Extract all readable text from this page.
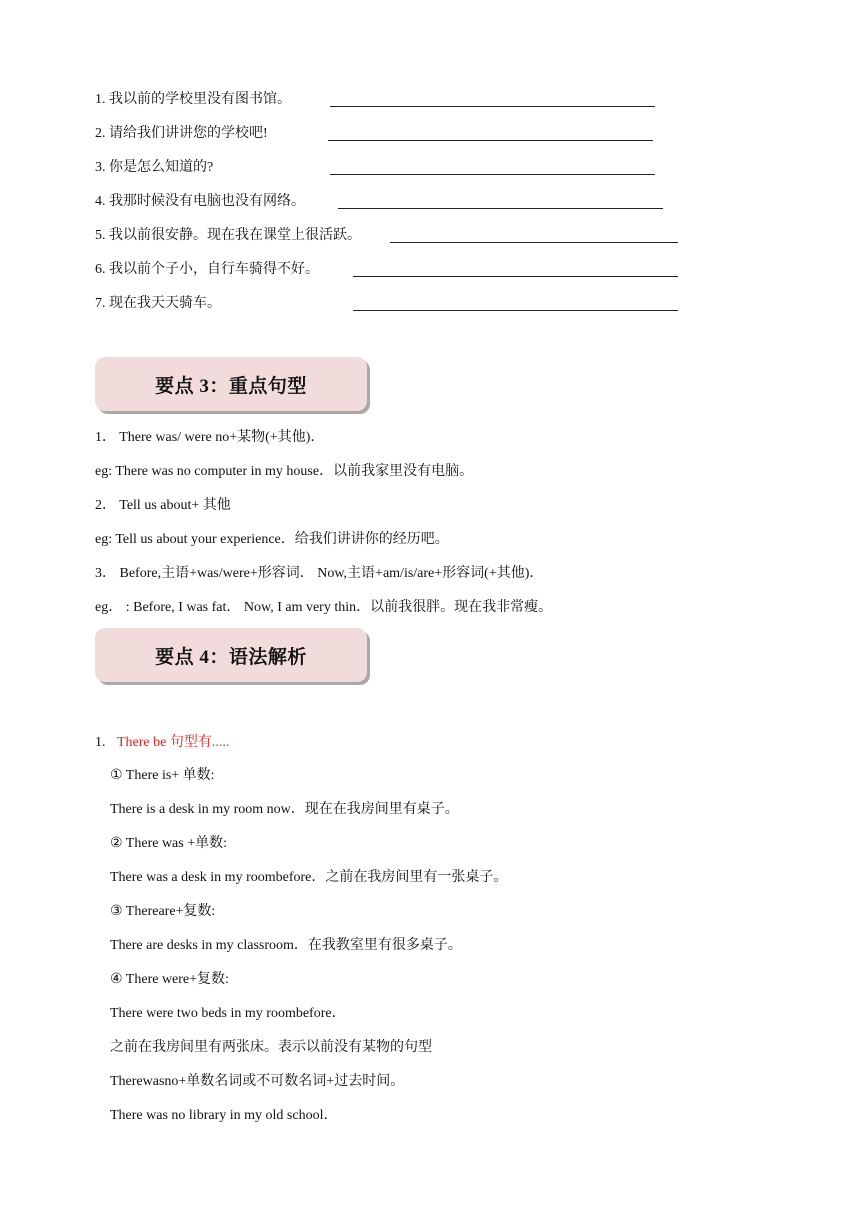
1. 我以前的学校里没有图书馆。
2. 请给我们讲讲您的学校吧!
3. 你是怎么知道的?
4. 我那时候没有电脑也没有网络。
5. 我以前很安静。现在我在课堂上很活跃。
6. 我以前个子小，自行车骑得不好。
7. 现在我天天骑车。
要点 3：重点句型
1． There was/ were no+某物(+其他)．
eg: There was no computer in my house．以前我家里没有电脑。
2． Tell us about+ 其他
eg: Tell us about your experience．给我们讲讲你的经历吧。
3． Before,主语+was/were+形容词． Now,主语+am/is/are+形容词(+其他)．
eg． : Before, I was fat． Now, I am very thin．以前我很胖。现在我非常瘦。
要点 4：语法解析
1. There be 句型有.....
① There is+ 单数:
There is a desk in my room now．现在在我房间里有桌子。
② There was +单数:
There was a desk in my roombefore．之前在我房间里有一张桌子。
③ Thereare+复数:
There are desks in my classroom．在我教室里有很多桌子。
④ There were+复数:
There were two beds in my roombefore．
之前在我房间里有两张床。表示以前没有某物的句型
Therewasno+单数名词或不可数名词+过去时间。
There was no library in my old school．
